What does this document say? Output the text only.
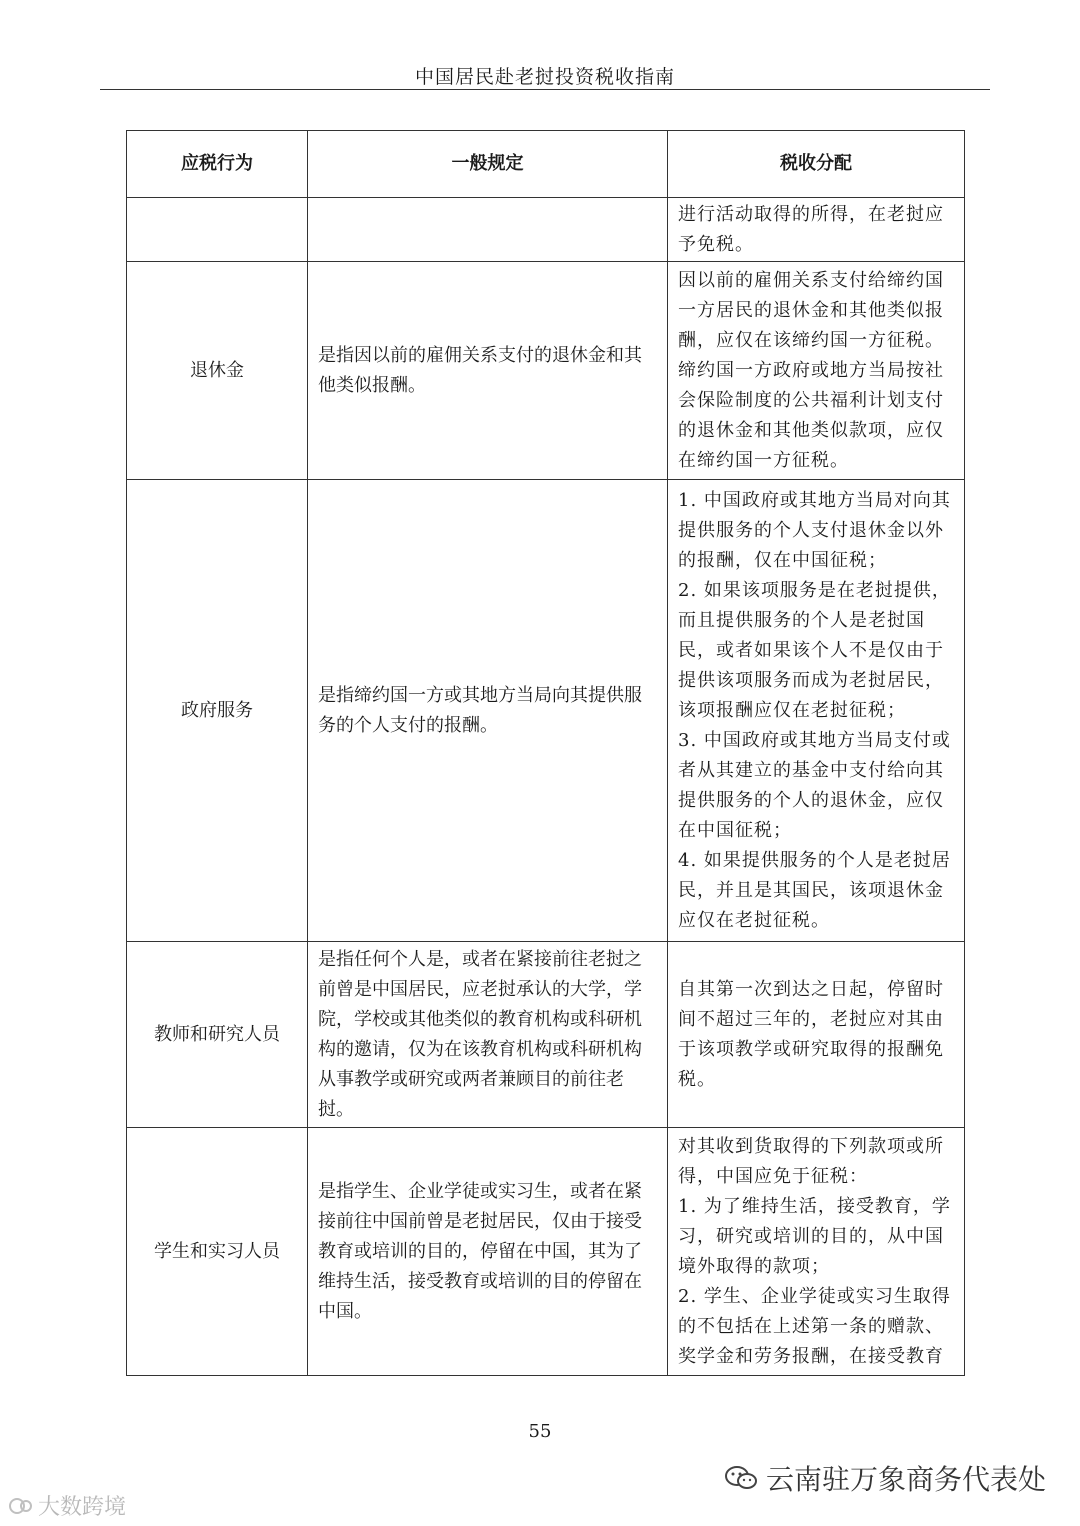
中国居民赴老挝投资税收指南
应税行为	一般规定	税收分配
		进行活动取得的所得，在老挝应予免税。
退休金	是指因以前的雇佣关系支付的退休金和其他类似报酬。	因以前的雇佣关系支付给缔约国一方居民的退休金和其他类似报酬，应仅在该缔约国一方征税。缔约国一方政府或地方当局按社会保险制度的公共福利计划支付的退休金和其他类似款项，应仅在缔约国一方征税。
政府服务	是指缔约国一方或其地方当局向其提供服务的个人支付的报酬。	1. 中国政府或其地方当局对向其提供服务的个人支付退休金以外的报酬，仅在中国征税；
2. 如果该项服务是在老挝提供，而且提供服务的个人是老挝国民，或者如果该个人不是仅由于提供该项服务而成为老挝居民，该项报酬应仅在老挝征税；
3. 中国政府或其地方当局支付或者从其建立的基金中支付给向其提供服务的个人的退休金，应仅在中国征税；
4. 如果提供服务的个人是老挝居民，并且是其国民，该项退休金应仅在老挝征税。
教师和研究人员	是指任何个人是，或者在紧接前往老挝之前曾是中国居民，应老挝承认的大学，学院，学校或其他类似的教育机构或科研机构的邀请，仅为在该教育机构或科研机构从事教学或研究或两者兼顾目的前往老挝。	自其第一次到达之日起，停留时间不超过三年的，老挝应对其由于该项教学或研究取得的报酬免税。
学生和实习人员	是指学生、企业学徒或实习生，或者在紧接前往中国前曾是老挝居民，仅由于接受教育或培训的目的，停留在中国，其为了维持生活，接受教育或培训的目的停留在中国。	对其收到货取得的下列款项或所得，中国应免于征税：
1. 为了维持生活，接受教育，学习，研究或培训的目的，从中国境外取得的款项；
2. 学生、企业学徒或实习生取得的不包括在上述第一条的赠款、奖学金和劳务报酬，在接受教育
55
大数跨境
云南驻万象商务代表处
